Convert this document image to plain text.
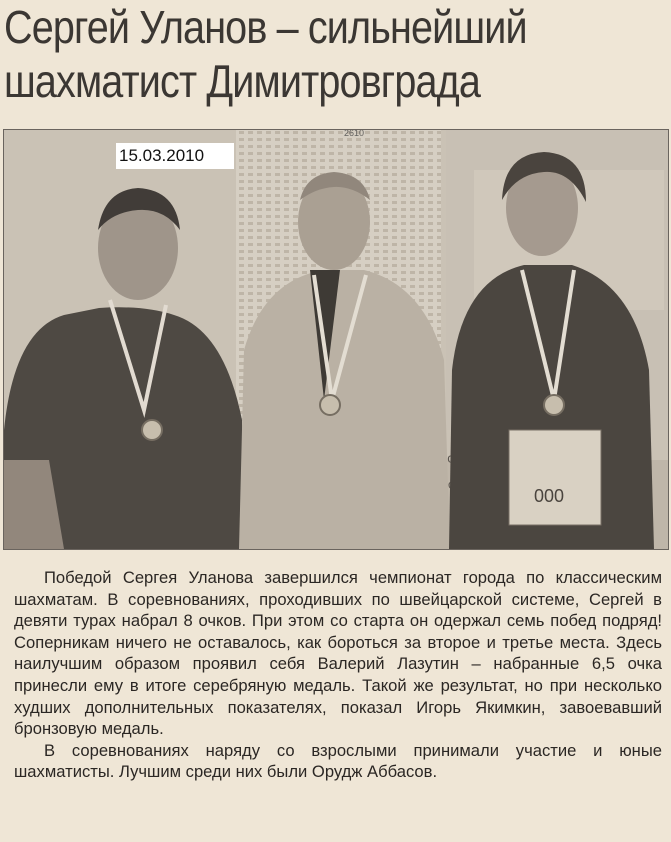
Сергей Уланов – сильнейший
шахматист Димитровграда
2610
000
15.03.2010

Победой Сергея Уланова завершился чемпионат города по классическим шахматам. В соревнованиях, проходивших по швейцарской системе, Сергей в девяти турах набрал 8 очков. При этом со старта он одержал семь побед подряд! Соперникам ничего не оставалось, как бороться за второе и третье места. Здесь наилучшим образом проявил себя Валерий Лазутин – набранные 6,5 очка принесли ему в итоге серебряную медаль. Такой же результат, но при несколько худших дополнительных показателях, показал Игорь Якимкин, завоевавший бронзовую медаль.

В соревнованиях наряду со взрослыми принимали участие и юные шахматисты. Лучшим среди них были Орудж Аббасов.
